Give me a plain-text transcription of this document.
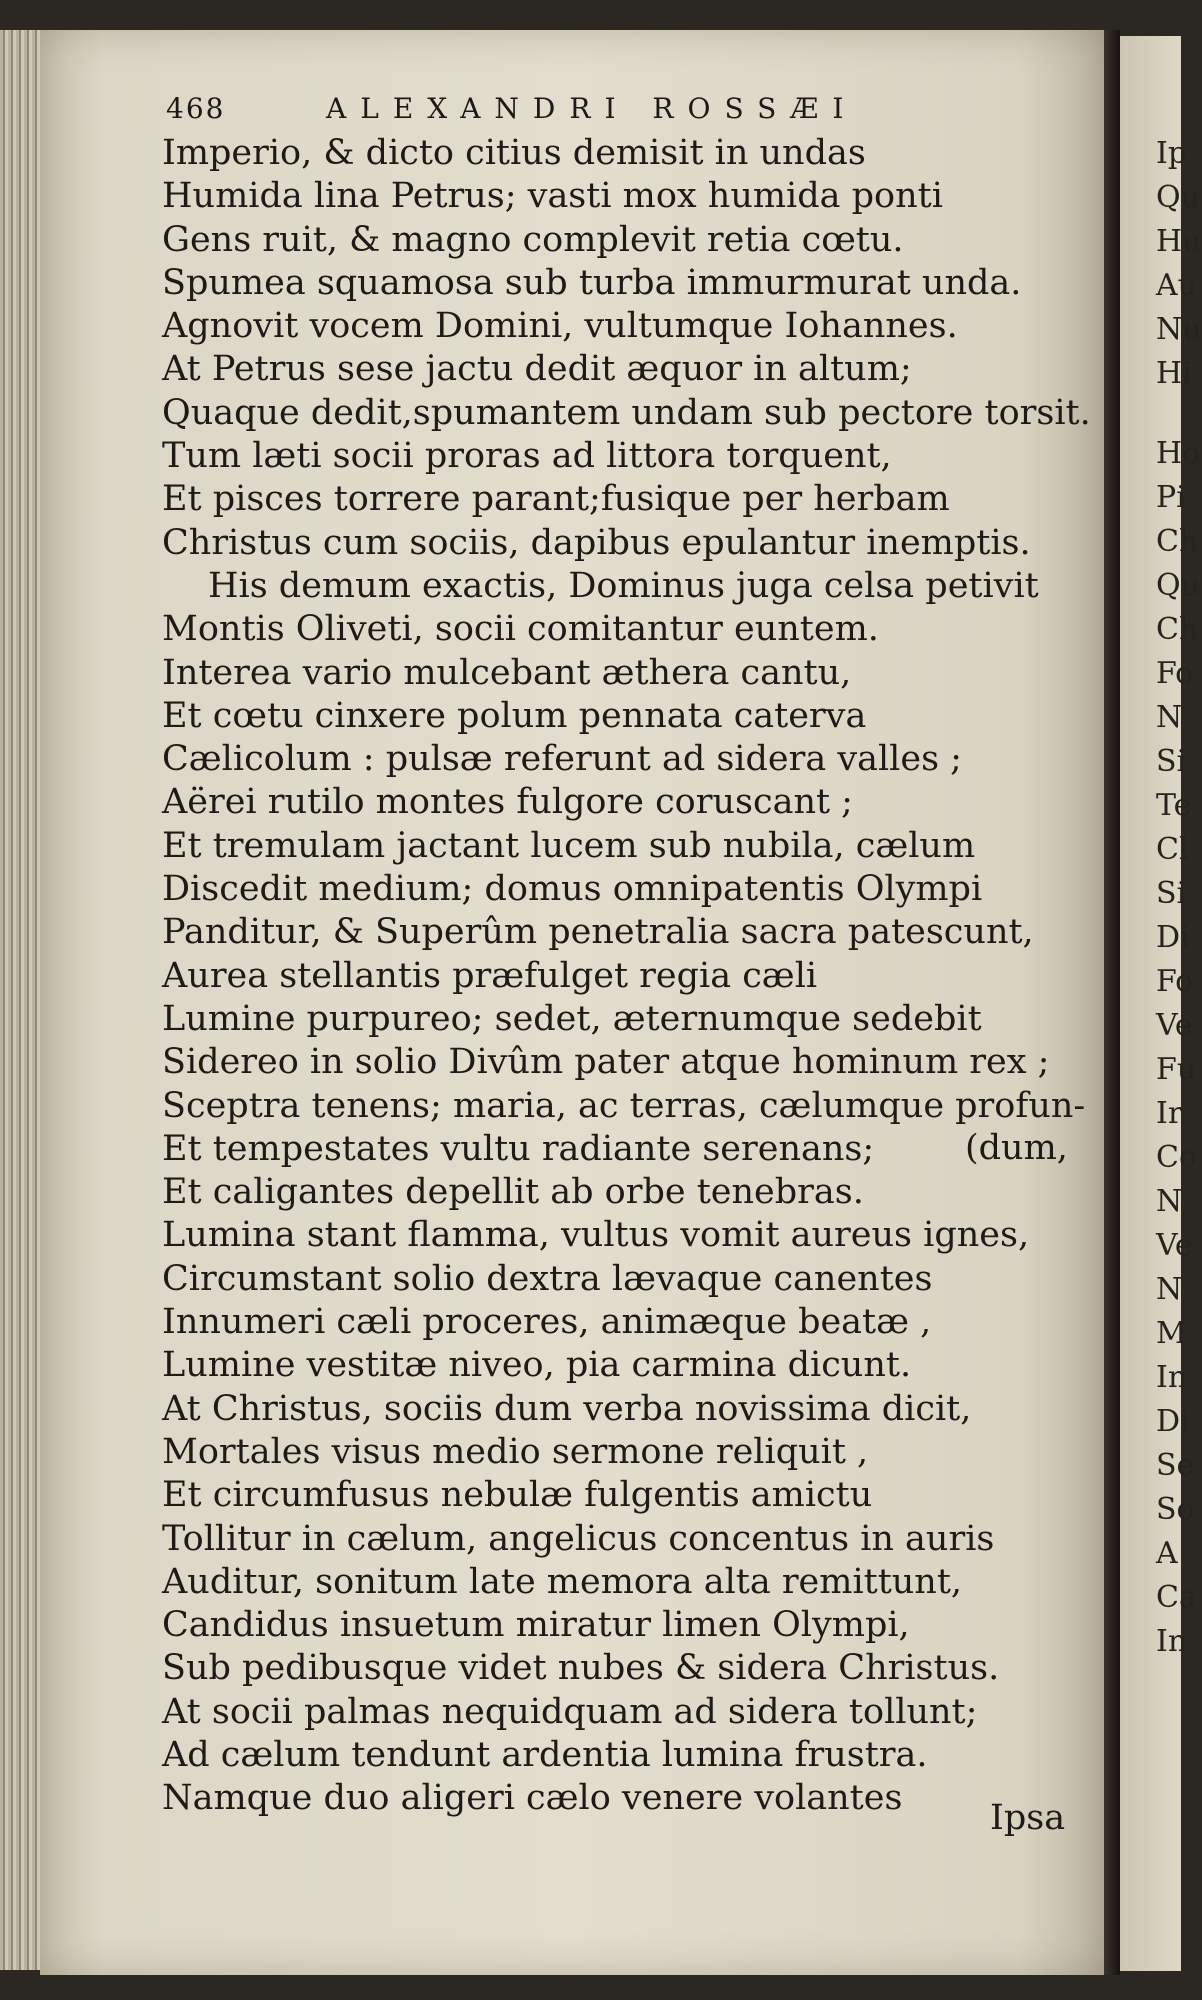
Ip
Qu
Hu
Au
Nu
Hi
Ho
Pi
Ch
Qu
Ch
Fo
N
Si
Te
Cl
Si
Di
Fo
Ve
Fu
Ir
Co
N
Ve
N
M
In
Di
Se
So
A
Ca
In
468	ALEXANDRI ROSSÆI
Imperio, & dicto citius demisit in undas
Humida lina Petrus; vasti mox humida ponti
Gens ruit, & magno complevit retia cœtu.
Spumea squamosa sub turba immurmurat unda.
Agnovit vocem Domini, vultumque Iohannes.
At Petrus sese jactu dedit æquor in altum;
Quaque dedit,spumantem undam sub pectore torsit.
Tum læti socii proras ad littora torquent,
Et pisces torrere parant;fusique per herbam
Christus cum sociis, dapibus epulantur inemptis.
His demum exactis, Dominus juga celsa petivit
Montis Oliveti, socii comitantur euntem.
Interea vario mulcebant æthera cantu,
Et cœtu cinxere polum pennata caterva
Cælicolum : pulsæ referunt ad sidera valles ;
Aërei rutilo montes fulgore coruscant ;
Et tremulam jactant lucem sub nubila, cælum
Discedit medium; domus omnipatentis Olympi
Panditur, & Superûm penetralia sacra patescunt,
Aurea stellantis præfulget regia cæli
Lumine purpureo; sedet, æternumque sedebit
Sidereo in solio Divûm pater atque hominum rex ;
Sceptra tenens; maria, ac terras, cælumque profun-
Et tempestates vultu radiante serenans;
Et caligantes depellit ab orbe tenebras.
Lumina stant flamma, vultus vomit aureus ignes,
Circumstant solio dextra lævaque canentes
Innumeri cæli proceres, animæque beatæ ,
Lumine vestitæ niveo, pia carmina dicunt.
At Christus, sociis dum verba novissima dicit,
Mortales visus medio sermone reliquit ,
Et circumfusus nebulæ fulgentis amictu
Tollitur in cælum, angelicus concentus in auris
Auditur, sonitum late memora alta remittunt,
Candidus insuetum miratur limen Olympi,
Sub pedibusque videt nubes & sidera Christus.
At socii palmas nequidquam ad sidera tollunt;
Ad cælum tendunt ardentia lumina frustra.
Namque duo aligeri cælo venere volantes
(dum,
Ipsa
